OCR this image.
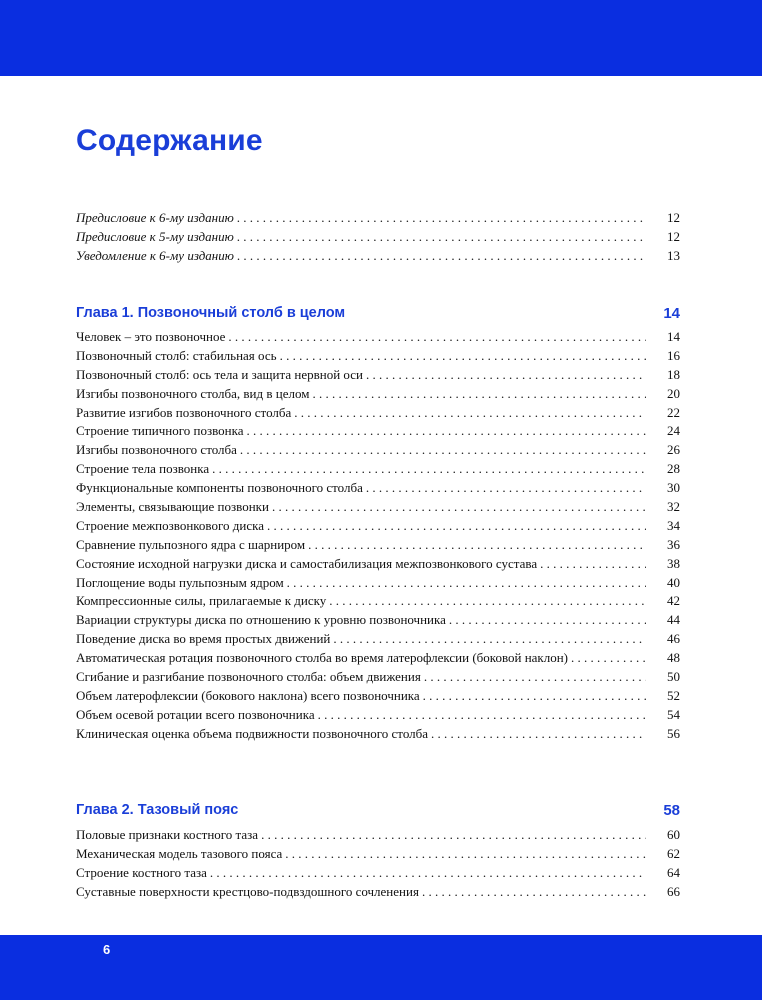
Содержание
Предисловие к 6-му изданию . . .	12
Предисловие к 5-му изданию . . .	12
Уведомление к 6-му изданию . . .	13
Глава 1. Позвоночный столб в целом	14
Человек – это позвоночное . . .	14
Позвоночный столб: стабильная ось . . .	16
Позвоночный столб: ось тела и защита нервной оси . . .	18
Изгибы позвоночного столба, вид в целом . . .	20
Развитие изгибов позвоночного столба . . .	22
Строение типичного позвонка . . .	24
Изгибы позвоночного столба . . .	26
Строение тела позвонка . . .	28
Функциональные компоненты позвоночного столба . . .	30
Элементы, связывающие позвонки . . .	32
Строение межпозвонкового диска . . .	34
Сравнение пульпозного ядра с шарниром . . .	36
Состояние исходной нагрузки диска и самостабилизация межпозвонкового сустава . . .	38
Поглощение воды пульпозным ядром . . .	40
Компрессионные силы, прилагаемые к диску . . .	42
Вариации структуры диска по отношению к уровню позвоночника . . .	44
Поведение диска во время простых движений . . .	46
Автоматическая ротация позвоночного столба во время латерофлексии (боковой наклон) . . .	48
Сгибание и разгибание позвоночного столба: объем движения . . .	50
Объем латерофлексии (бокового наклона) всего позвоночника . . .	52
Объем осевой ротации всего позвоночника . . .	54
Клиническая оценка объема подвижности позвоночного столба . . .	56
Глава 2. Тазовый пояс	58
Половые признаки костного таза . . .	60
Механическая модель тазового пояса . . .	62
Строение костного таза . . .	64
Суставные поверхности крестцово-подвздошного сочленения . . .	66
6
